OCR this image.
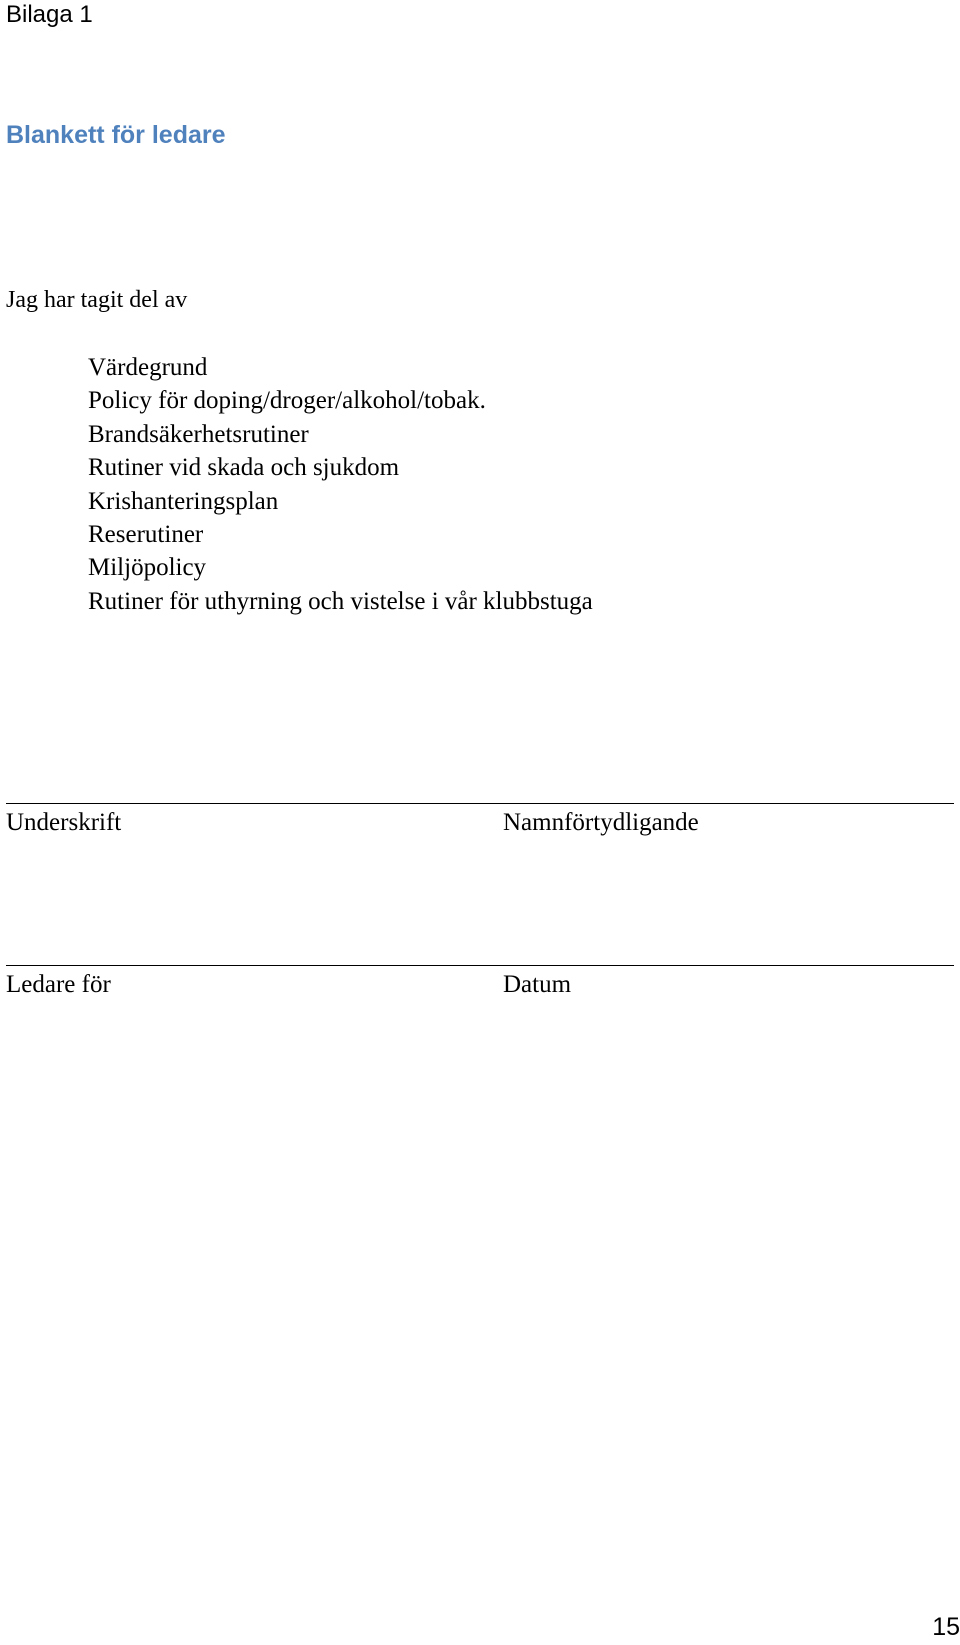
Bilaga 1
Blankett för ledare
Jag har tagit del av
Värdegrund
Policy för doping/droger/alkohol/tobak.
Brandsäkerhetsrutiner
Rutiner vid skada och sjukdom
Krishanteringsplan
Reserutiner
Miljöpolicy
Rutiner för uthyrning och vistelse i vår klubbstuga
Underskrift	Namnförtydligande
Ledare för	Datum
15
